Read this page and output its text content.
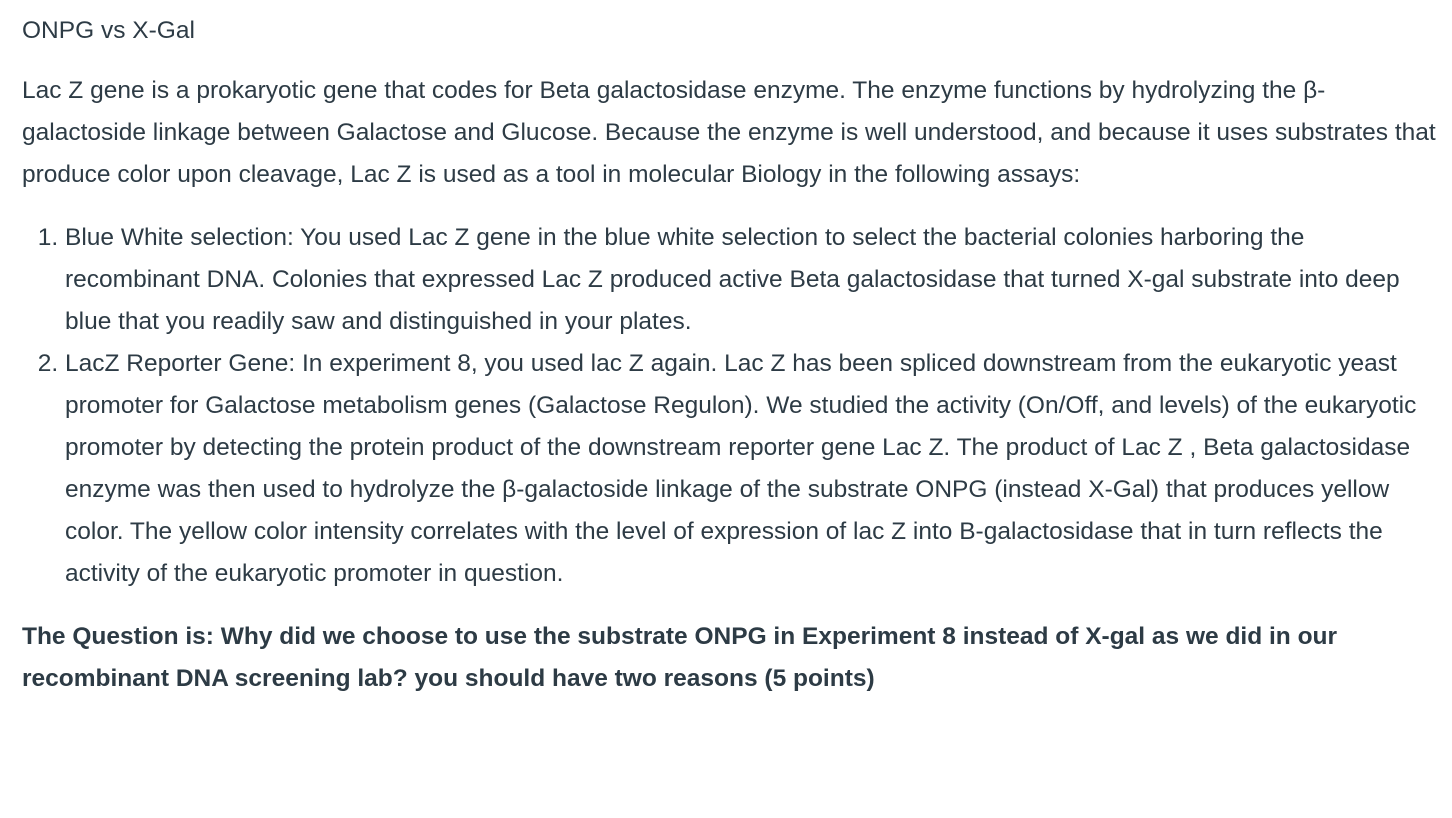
ONPG vs X-Gal

Lac Z gene is a prokaryotic gene that codes for Beta galactosidase enzyme. The enzyme functions by hydrolyzing the β-galactoside linkage between Galactose and Glucose. Because the enzyme is well understood, and because it uses substrates that produce color upon cleavage, Lac Z is used as a tool in molecular Biology in the following assays:

1. Blue White selection: You used Lac Z gene in the blue white selection to select the bacterial colonies harboring the recombinant DNA. Colonies that expressed Lac Z produced active Beta galactosidase that turned X-gal substrate into deep blue that you readily saw and distinguished in your plates.
2. LacZ Reporter Gene: In experiment 8, you used lac Z again. Lac Z has been spliced downstream from the eukaryotic yeast promoter for Galactose metabolism genes (Galactose Regulon). We studied the activity (On/Off, and levels) of the eukaryotic promoter by detecting the protein product of the downstream reporter gene Lac Z. The product of Lac Z , Beta galactosidase enzyme was then used to hydrolyze the β-galactoside linkage of the substrate ONPG (instead X-Gal) that produces yellow color. The yellow color intensity correlates with the level of expression of lac Z into B-galactosidase that in turn reflects the activity of the eukaryotic promoter in question.

The Question is: Why did we choose to use the substrate ONPG in Experiment 8 instead of X-gal as we did in our recombinant DNA screening lab? you should have two reasons (5 points)
